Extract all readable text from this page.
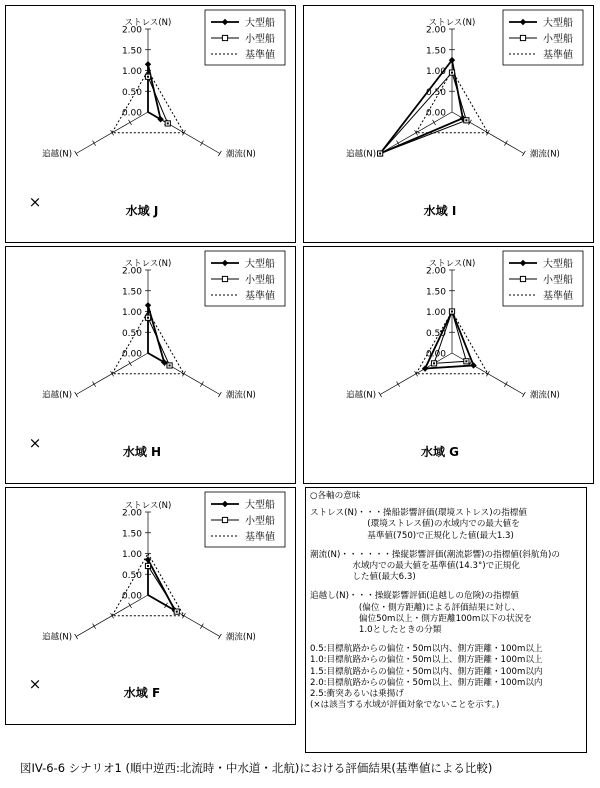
2.00
1.50
1.00
0.50
0.00
ストレス(N)
追越(N)	潮流(N)
大型船
小型船
基準値
水域 J
×
2.00
1.50
1.00
0.50
0.00
ストレス(N)
追越(N)	潮流(N)
大型船
小型船
基準値
水域 I
2.00
1.50
1.00
0.50
0.00
ストレス(N)
追越(N)	潮流(N)
大型船
小型船
基準値
水域 H
×
2.00
1.50
1.00
0.50
0.00
ストレス(N)
追越(N)	潮流(N)
大型船
小型船
基準値
水域 G
2.00
1.50
1.00
0.50
0.00
ストレス(N)
追越(N)	潮流(N)
大型船
小型船
基準値
水域 F
×
○各軸の意味
ストレス(N) ・・・操船影響評価(環境ストレス)の指標値
(環境ストレス値)の水域内での最大値を
基準値(750)で正規化した値(最大1.3)
潮流(N) ・・・・・・操縦影響評価(潮流影響)の指標値(斜航角)の
水域内での最大値を基準値(14.3°)で正規化
した値(最大6.3)
追越し(N) ・・・操縦影響評価(追越しの危険)の指標値
(偏位・側方距離)による評価結果に対し、
偏位50m以上・側方距離100m以下の状況を
1.0としたときの分類
0.5:目標航路からの偏位・50m以内、側方距離・100m以上
1.0:目標航路からの偏位・50m以上、側方距離・100m以上
1.5:目標航路からの偏位・50m以内、側方距離・100m以内
2.0:目標航路からの偏位・50m以上、側方距離・100m以内
2.5:衝突あるいは乗揚げ
(×は該当する水域が評価対象でないことを示す。)
図IV-6-6 シナリオ1 (順中逆西:北流時・中水道・北航)における評価結果(基準値による比較)
